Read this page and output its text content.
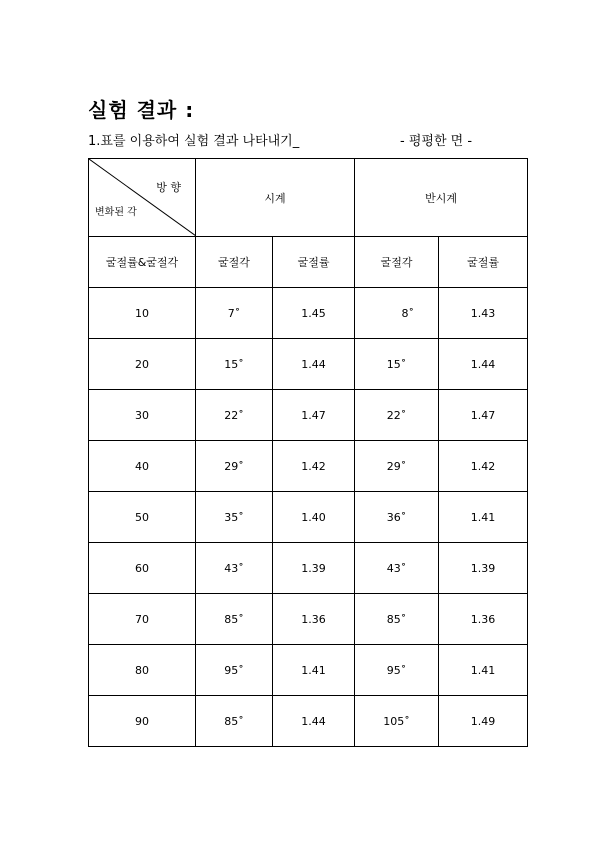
실험 결과 :
1.표를 이용하여 실험 결과 나타내기_	- 평평한 면 -
방 향
변화된 각	시계		반시계	
굴절률&굴절각	굴절각	굴절률	굴절각	굴절률
10	7˚	1.45	8˚	1.43
20	15˚	1.44	15˚	1.44
30	22˚	1.47	22˚	1.47
40	29˚	1.42	29˚	1.42
50	35˚	1.40	36˚	1.41
60	43˚	1.39	43˚	1.39
70	85˚	1.36	85˚	1.36
80	95˚	1.41	95˚	1.41
90	85˚	1.44	105˚	1.49
